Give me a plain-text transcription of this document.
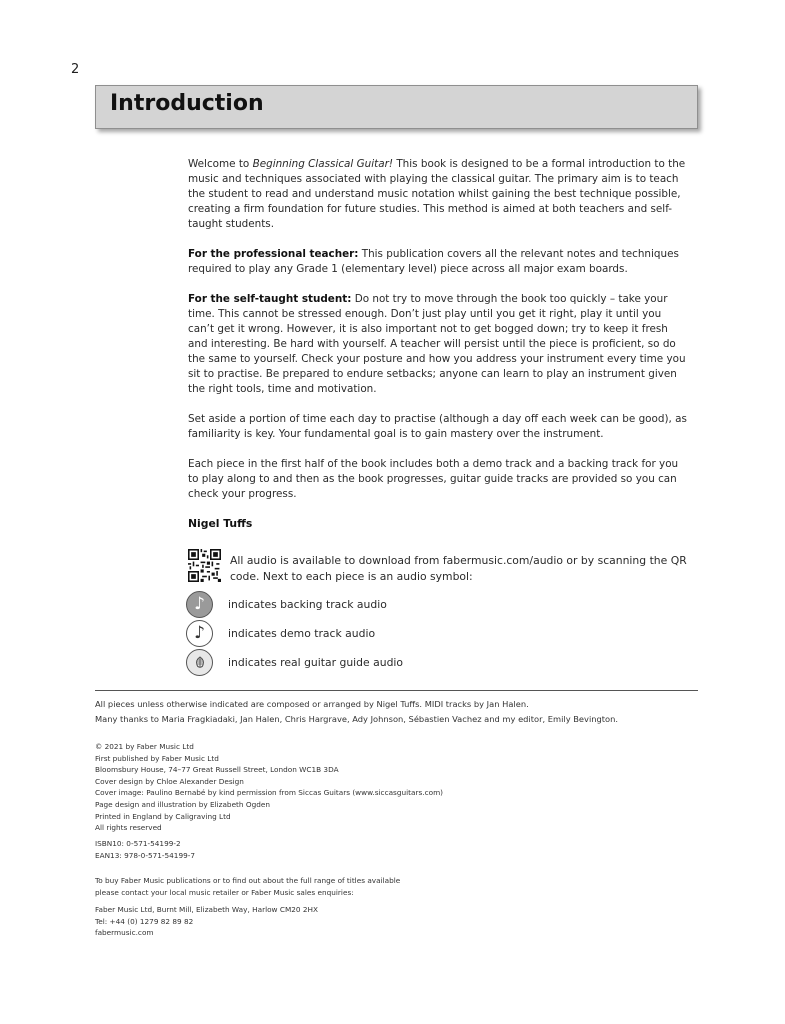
2
Introduction

Welcome to Beginning Classical Guitar! This book is designed to be a formal introduction to the music and techniques associated with playing the classical guitar. The primary aim is to teach the student to read and understand music notation whilst gaining the best technique possible, creating a firm foundation for future studies. This method is aimed at both teachers and self-taught students.

For the professional teacher: This publication covers all the relevant notes and techniques required to play any Grade 1 (elementary level) piece across all major exam boards.

For the self-taught student: Do not try to move through the book too quickly – take your time. This cannot be stressed enough. Don’t just play until you get it right, play it until you can’t get it wrong. However, it is also important not to get bogged down; try to keep it fresh and interesting. Be hard with yourself. A teacher will persist until the piece is proficient, so do the same to yourself. Check your posture and how you address your instrument every time you sit to practise. Be prepared to endure setbacks; anyone can learn to play an instrument given the right tools, time and motivation.

Set aside a portion of time each day to practise (although a day off each week can be good), as familiarity is key. Your fundamental goal is to gain mastery over the instrument.

Each piece in the first half of the book includes both a demo track and a backing track for you to play along to and then as the book progresses, guitar guide tracks are provided so you can check your progress.

Nigel Tuffs
All audio is available to download from fabermusic.com/audio or by scanning the QR code. Next to each piece is an audio symbol:
♪	indicates backing track audio
♪	indicates demo track audio
indicates real guitar guide audio
All pieces unless otherwise indicated are composed or arranged by Nigel Tuffs. MIDI tracks by Jan Halen.
Many thanks to Maria Fragkiadaki, Jan Halen, Chris Hargrave, Ady Johnson, Sébastien Vachez and my editor, Emily Bevington.
© 2021 by Faber Music Ltd
First published by Faber Music Ltd
Bloomsbury House, 74–77 Great Russell Street, London WC1B 3DA
Cover design by Chloe Alexander Design
Cover image: Paulino Bernabé by kind permission from Siccas Guitars (www.siccasguitars.com)
Page design and illustration by Elizabeth Ogden
Printed in England by Caligraving Ltd
All rights reserved
ISBN10: 0-571-54199-2
EAN13: 978-0-571-54199-7
To buy Faber Music publications or to find out about the full range of titles available
please contact your local music retailer or Faber Music sales enquiries:
Faber Music Ltd, Burnt Mill, Elizabeth Way, Harlow CM20 2HX
Tel: +44 (0) 1279 82 89 82
fabermusic.com
